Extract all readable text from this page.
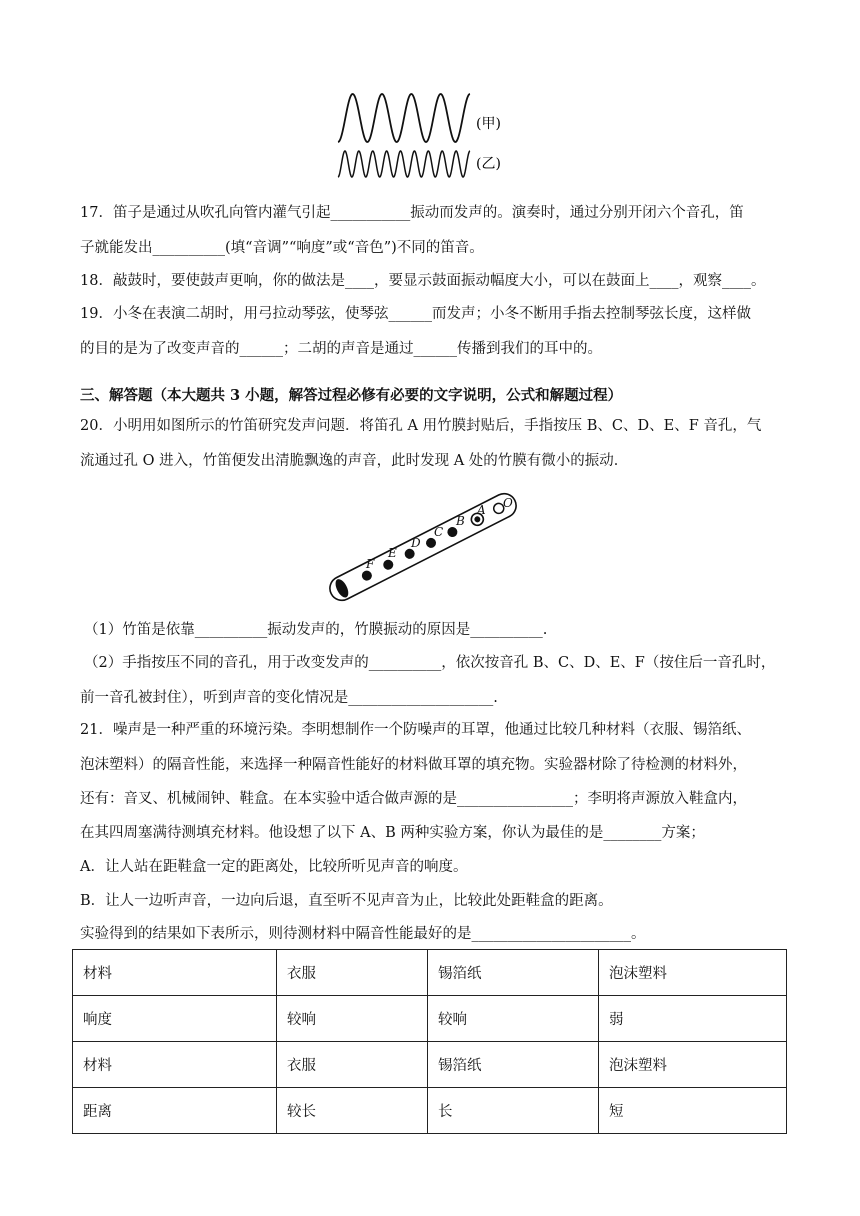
(甲)
(乙)
17．笛子是通过从吹孔向管内灌气引起___________振动而发声的。演奏时，通过分别开闭六个音孔，笛
子就能发出__________(填“音调”“响度”或“音色”)不同的笛音。
18．敲鼓时，要使鼓声更响，你的做法是____，要显示鼓面振动幅度大小，可以在鼓面上____，观察____。
19．小冬在表演二胡时，用弓拉动琴弦，使琴弦______而发声；小冬不断用手指去控制琴弦长度，这样做
的目的是为了改变声音的______；二胡的声音是通过______传播到我们的耳中的。
三、解答题（本大题共 3 小题，解答过程必修有必要的文字说明，公式和解题过程）
20．小明用如图所示的竹笛研究发声问题．将笛孔 A 用竹膜封贴后，手指按压 B、C、D、E、F 音孔，气
流通过孔 O 进入，竹笛便发出清脆飘逸的声音，此时发现 A 处的竹膜有微小的振动．
F
E
D
C
B
A O
（1）竹笛是依靠__________振动发声的，竹膜振动的原因是__________.
（2）手指按压不同的音孔，用于改变发声的__________，依次按音孔 B、C、D、E、F（按住后一音孔时，
前一音孔被封住），听到声音的变化情况是____________________.
21．噪声是一种严重的环境污染。李明想制作一个防噪声的耳罩，他通过比较几种材料（衣服、锡箔纸、
泡沫塑料）的隔音性能，来选择一种隔音性能好的材料做耳罩的填充物。实验器材除了待检测的材料外，
还有：音叉、机械闹钟、鞋盒。在本实验中适合做声源的是________________；李明将声源放入鞋盒内，
在其四周塞满待测填充材料。他设想了以下 A、B 两种实验方案，你认为最佳的是________方案；
A．让人站在距鞋盒一定的距离处，比较所听见声音的响度。
B．让人一边听声音，一边向后退，直至听不见声音为止，比较此处距鞋盒的距离。
实验得到的结果如下表所示，则待测材料中隔音性能最好的是______________________。
材料	衣服	锡箔纸	泡沫塑料
响度	较响	较响	弱
材料	衣服	锡箔纸	泡沫塑料
距离	较长	长	短
